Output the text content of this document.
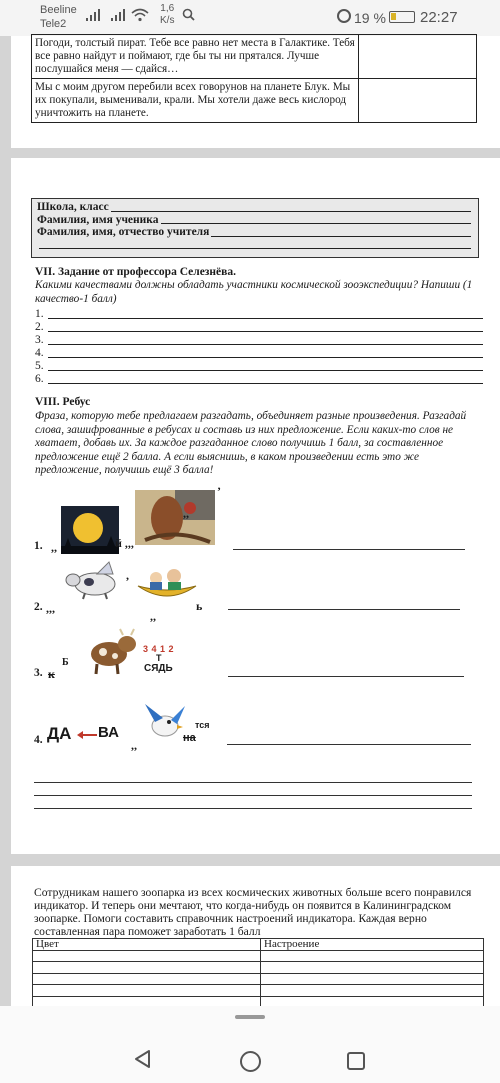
Beeline
Tele2
1,6
K/s	19 % 22:27
Погоди, толстый пират. Тебе все равно нет места в Галактике. Тебя все равно найдут и поймают, где бы ты ни прятался. Лучше послушайся меня — сдайся…
Мы с моим другом перебили всех говорунов на планете Блук. Мы их покупали, выменивали, крали. Мы хотели даже весь кислород уничтожить на планете.
Школа, класс
Фамилия, имя ученика
Фамилия, имя, отчество учителя
VII. Задание от профессора Селезнёва.
Какими качествами должны обладать участники космической зооэкспедиции? Напиши (1 качество-1 балл)
1.
2.
3.
4.
5.
6.
VIII. Ребус
Фраза, которую тебе предлагаем разгадать, объединяет разные произведения. Разгадай слова, зашифрованные в ребусах и составь из них предложение. Если каких-то слов не хватает, добавь их. За каждое разгаданное слово получишь 1 балл, за составленное предложение ещё 2 балла. А если выяснишь, в каком произведении есть это же предложение, получишь ещё 3 балла!
1. ,,	й ,,,
,,
’
2. ,,,
,
,,
ь
3. к
Б
3 4 1 2
Т
СЯДЬ
4. ДА ВА
,,
тся
на
Сотрудникам нашего зоопарка из всех космических животных больше всего понравился индикатор. И теперь они мечтают, что когда-нибудь он появится в Калининградском зоопарке. Помоги составить справочник настроений индикатора. Каждая верно составленная пара поможет заработать 1 балл
Цвет	Настроение
